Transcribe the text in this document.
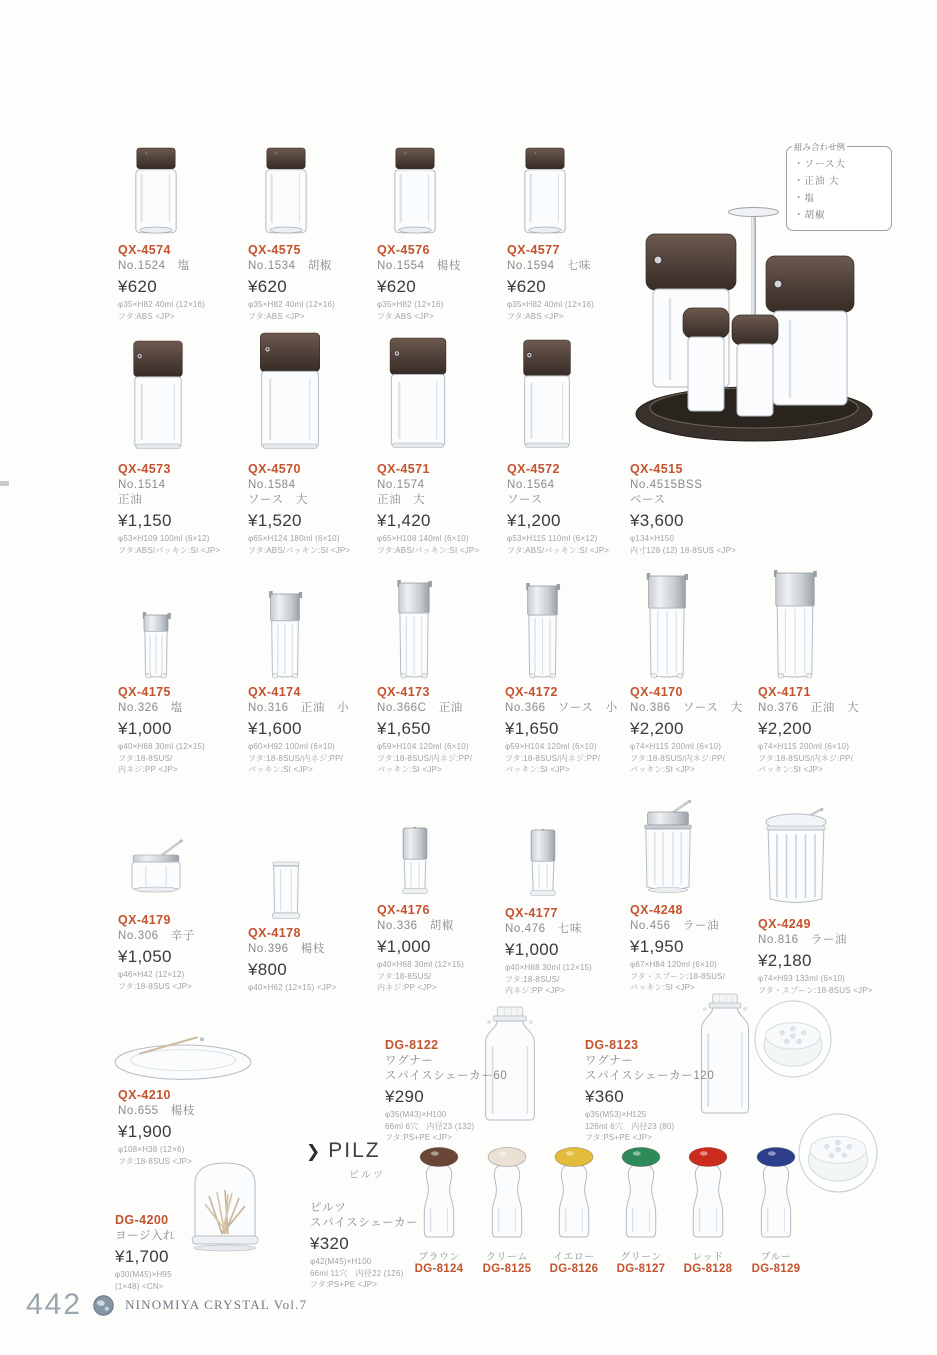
組み合わせ例
・ソース大
・正油 大
・塩
・胡椒
QX-4574
No.1524　塩
¥620
φ35×H82 40ml (12×16)
フタ:ABS <JP>
QX-4575
No.1534　胡椒
¥620
φ35×H82 40ml (12×16)
フタ:ABS <JP>
QX-4576
No.1554　楊枝
¥620
φ35×H82 (12×16)
フタ:ABS <JP>
QX-4577
No.1594　七味
¥620
φ35×H82 40ml (12×16)
フタ:ABS <JP>
QX-4573
No.1514
正油
¥1,150
φ53×H109 100ml (6×12)
フタ:ABS/パッキン:SI <JP>
QX-4570
No.1584
ソース　大
¥1,520
φ65×H124 180ml (6×10)
フタ:ABS/パッキン:SI <JP>
QX-4571
No.1574
正油　大
¥1,420
φ65×H108 140ml (6×10)
フタ:ABS/パッキン:SI <JP>
QX-4572
No.1564
ソース
¥1,200
φ53×H115 110ml (6×12)
フタ:ABS/パッキン:SI <JP>
QX-4515
No.4515BSS
ベース
¥3,600
φ134×H150
内寸128 (12) 18-8SUS <JP>
QX-4175
No.326　塩
¥1,000
φ40×H68 30ml (12×15)
フタ:18-8SUS/
内ネジ:PP <JP>
QX-4174
No.316　正油　小
¥1,600
φ60×H92 100ml (6×10)
フタ:18-8SUS/内ネジ:PP/
パッキン:SI <JP>
QX-4173
No.366C　正油
¥1,650
φ59×H104 120ml (6×10)
フタ:18-8SUS/内ネジ:PP/
パッキン:SI <JP>
QX-4172
No.366　ソース　小
¥1,650
φ59×H104 120ml (6×10)
フタ:18-8SUS/内ネジ:PP/
パッキン:SI <JP>
QX-4170
No.386　ソース　大
¥2,200
φ74×H115 200ml (6×10)
フタ:18-8SUS/内ネジ:PP/
パッキン:SI <JP>
QX-4171
No.376　正油　大
¥2,200
φ74×H115 200ml (6×10)
フタ:18-8SUS/内ネジ:PP/
パッキン:SI <JP>
QX-4179
No.306　辛子
¥1,050
φ46×H42 (12×12)
フタ:18-8SUS <JP>
QX-4178
No.396　楊枝
¥800
φ40×H62 (12×15) <JP>
QX-4176
No.336　胡椒
¥1,000
φ40×H68 30ml (12×15)
フタ:18-8SUS/
内ネジ:PP <JP>
QX-4177
No.476　七味
¥1,000
φ40×H68 30ml (12×15)
フタ:18-8SUS/
内ネジ:PP <JP>
QX-4248
No.456　ラー油
¥1,950
φ67×H84 120ml (6×10)
フタ・スプーン:18-8SUS/
パッキン:SI <JP>
QX-4249
No.816　ラー油
¥2,180
φ74×H93 133ml (6×10)
フタ・スプーン:18-8SUS <JP>
QX-4210
No.655　楊枝
¥1,900
φ108×H38 (12×6)
フタ:18-8SUS <JP>
DG-8122
ワグナー
スパイスシェーカー60
¥290
φ35(M43)×H100
66ml 6穴　内径23 (132)
フタ:PS+PE <JP>
DG-8123
ワグナー
スパイスシェーカー120
¥360
φ35(M53)×H125
126ml 6穴　内径23 (80)
フタ:PS+PE <JP>
DG-4200
ヨージ入れ
¥1,700
φ30(M45)×H95
(1×48) <CN>
❯ PILZ
ピルツ
ピルツ
スパイスシェーカー
¥320
φ42(M45)×H100
66ml 11穴　内径22 (126)
フタ:PS+PE <JP>
ブラウン
DG-8124
クリーム
DG-8125
イエロー
DG-8126
グリーン
DG-8127
レッド
DG-8128
ブルー
DG-8129
442	NINOMIYA CRYSTAL Vol.7
